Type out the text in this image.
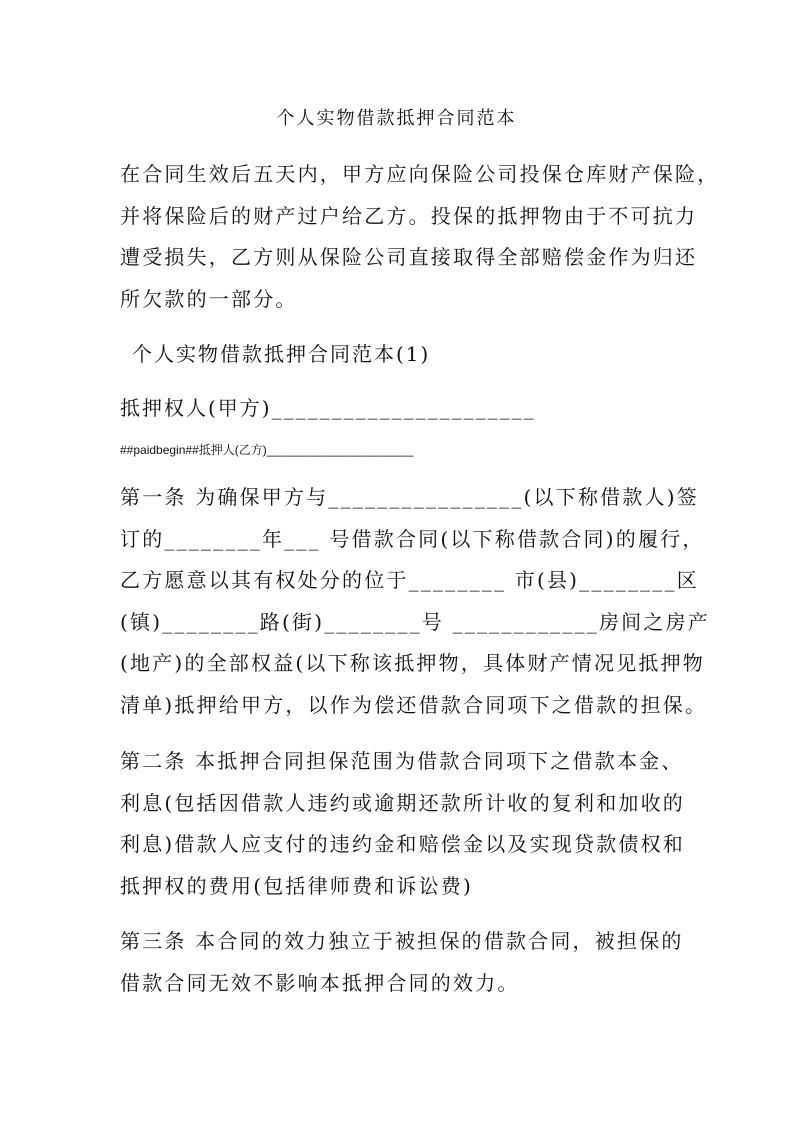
个人实物借款抵押合同范本
在合同生效后五天内，甲方应向保险公司投保仓库财产保险，
并将保险后的财产过户给乙方。投保的抵押物由于不可抗力
遭受损失，乙方则从保险公司直接取得全部赔偿金作为归还
所欠款的一部分。
个人实物借款抵押合同范本(1)
抵押权人(甲方)______________________
##paidbegin##抵押人(乙方)______________________
第一条 为确保甲方与________________(以下称借款人)签
订的________年___ 号借款合同(以下称借款合同)的履行，
乙方愿意以其有权处分的位于________ 市(县)________区
(镇)________路(街)________号 ____________房间之房产
(地产)的全部权益(以下称该抵押物，具体财产情况见抵押物
清单)抵押给甲方，以作为偿还借款合同项下之借款的担保。
第二条 本抵押合同担保范围为借款合同项下之借款本金、
利息(包括因借款人违约或逾期还款所计收的复利和加收的
利息)借款人应支付的违约金和赔偿金以及实现贷款债权和
抵押权的费用(包括律师费和诉讼费)
第三条 本合同的效力独立于被担保的借款合同，被担保的
借款合同无效不影响本抵押合同的效力。
